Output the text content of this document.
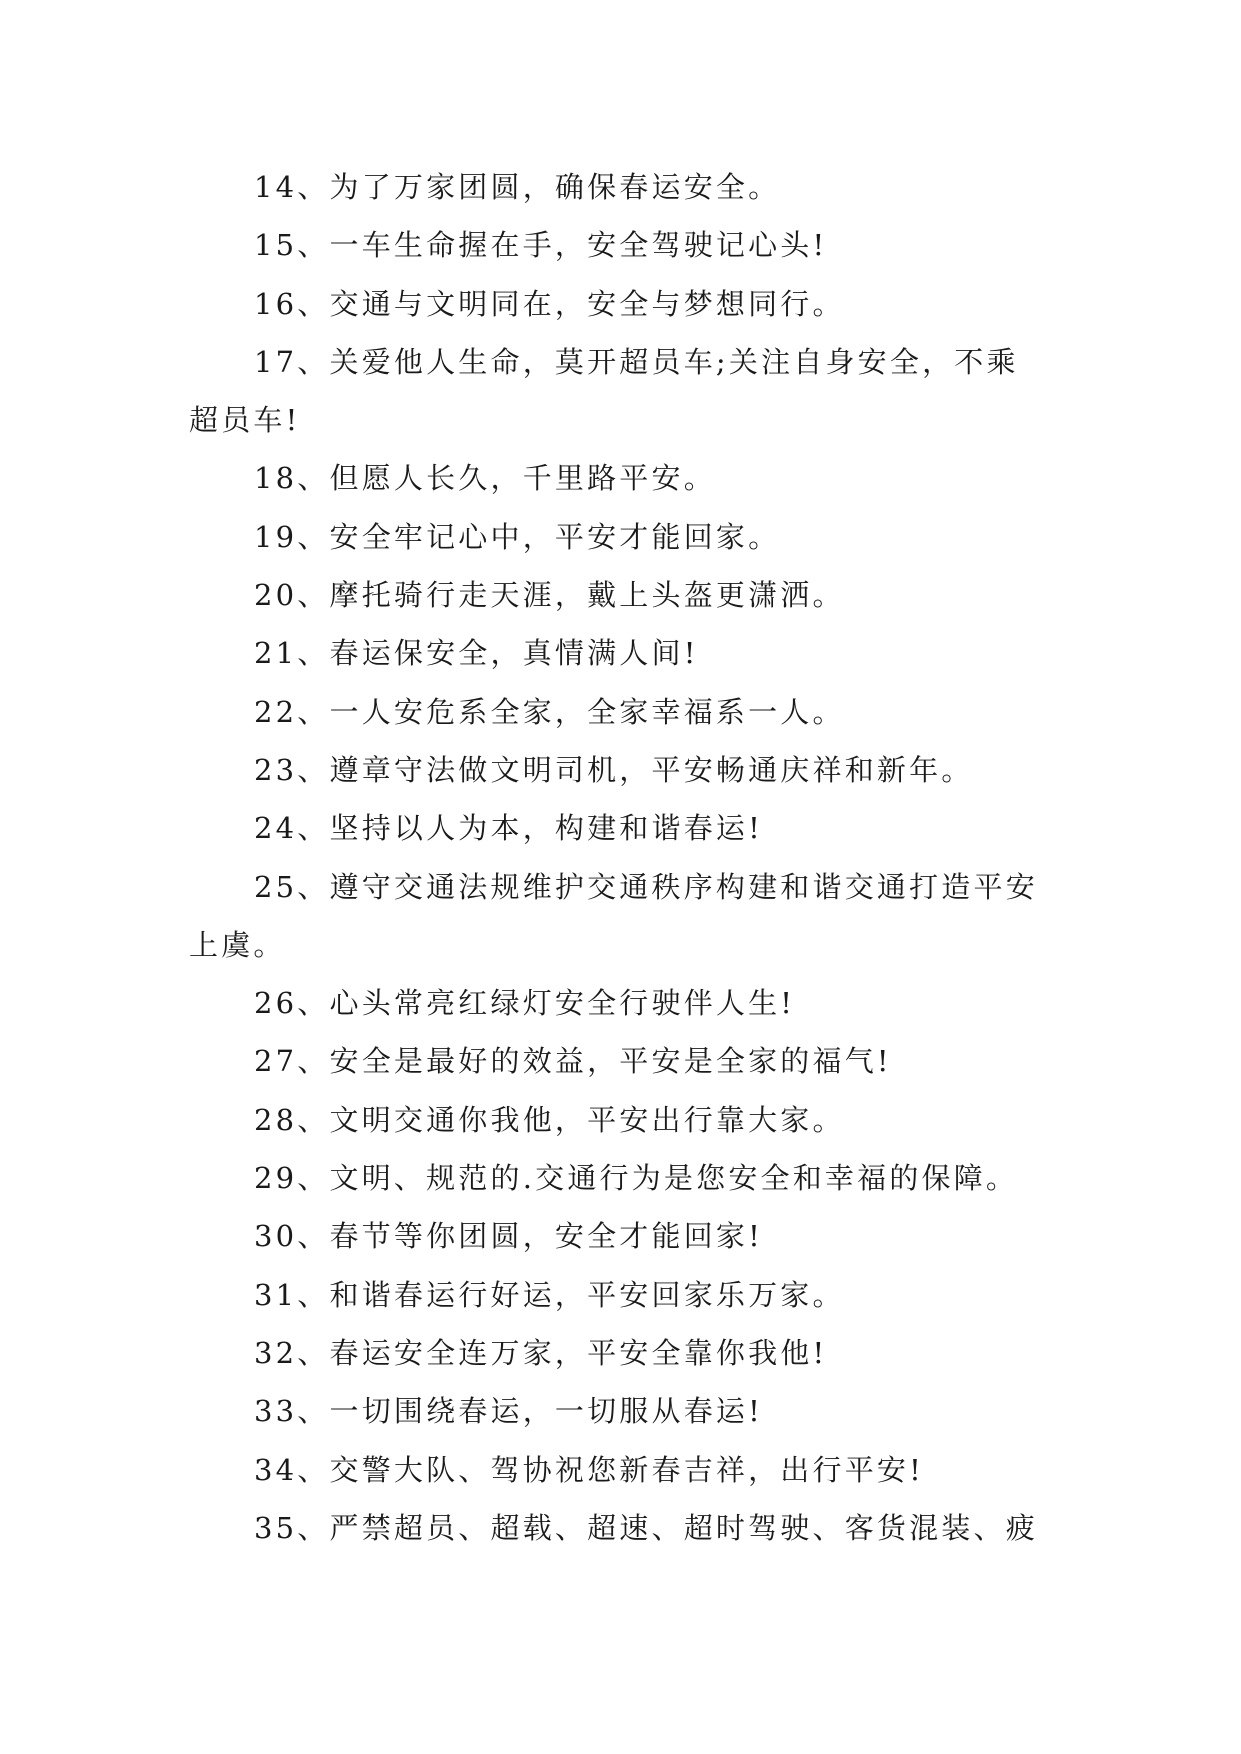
14、为了万家团圆，确保春运安全。

15、一车生命握在手，安全驾驶记心头!

16、交通与文明同在，安全与梦想同行。

17、关爱他人生命，莫开超员车;关注自身安全，不乘超员车!

18、但愿人长久，千里路平安。

19、安全牢记心中，平安才能回家。

20、摩托骑行走天涯，戴上头盔更潇洒。

21、春运保安全，真情满人间!

22、一人安危系全家，全家幸福系一人。

23、遵章守法做文明司机，平安畅通庆祥和新年。

24、坚持以人为本，构建和谐春运!

25、遵守交通法规维护交通秩序构建和谐交通打造平安上虞。

26、心头常亮红绿灯安全行驶伴人生!

27、安全是最好的效益，平安是全家的福气!

28、文明交通你我他，平安出行靠大家。

29、文明、规范的.交通行为是您安全和幸福的保障。

30、春节等你团圆，安全才能回家!

31、和谐春运行好运，平安回家乐万家。

32、春运安全连万家，平安全靠你我他!

33、一切围绕春运，一切服从春运!

34、交警大队、驾协祝您新春吉祥，出行平安!

35、严禁超员、超载、超速、超时驾驶、客货混装、疲
